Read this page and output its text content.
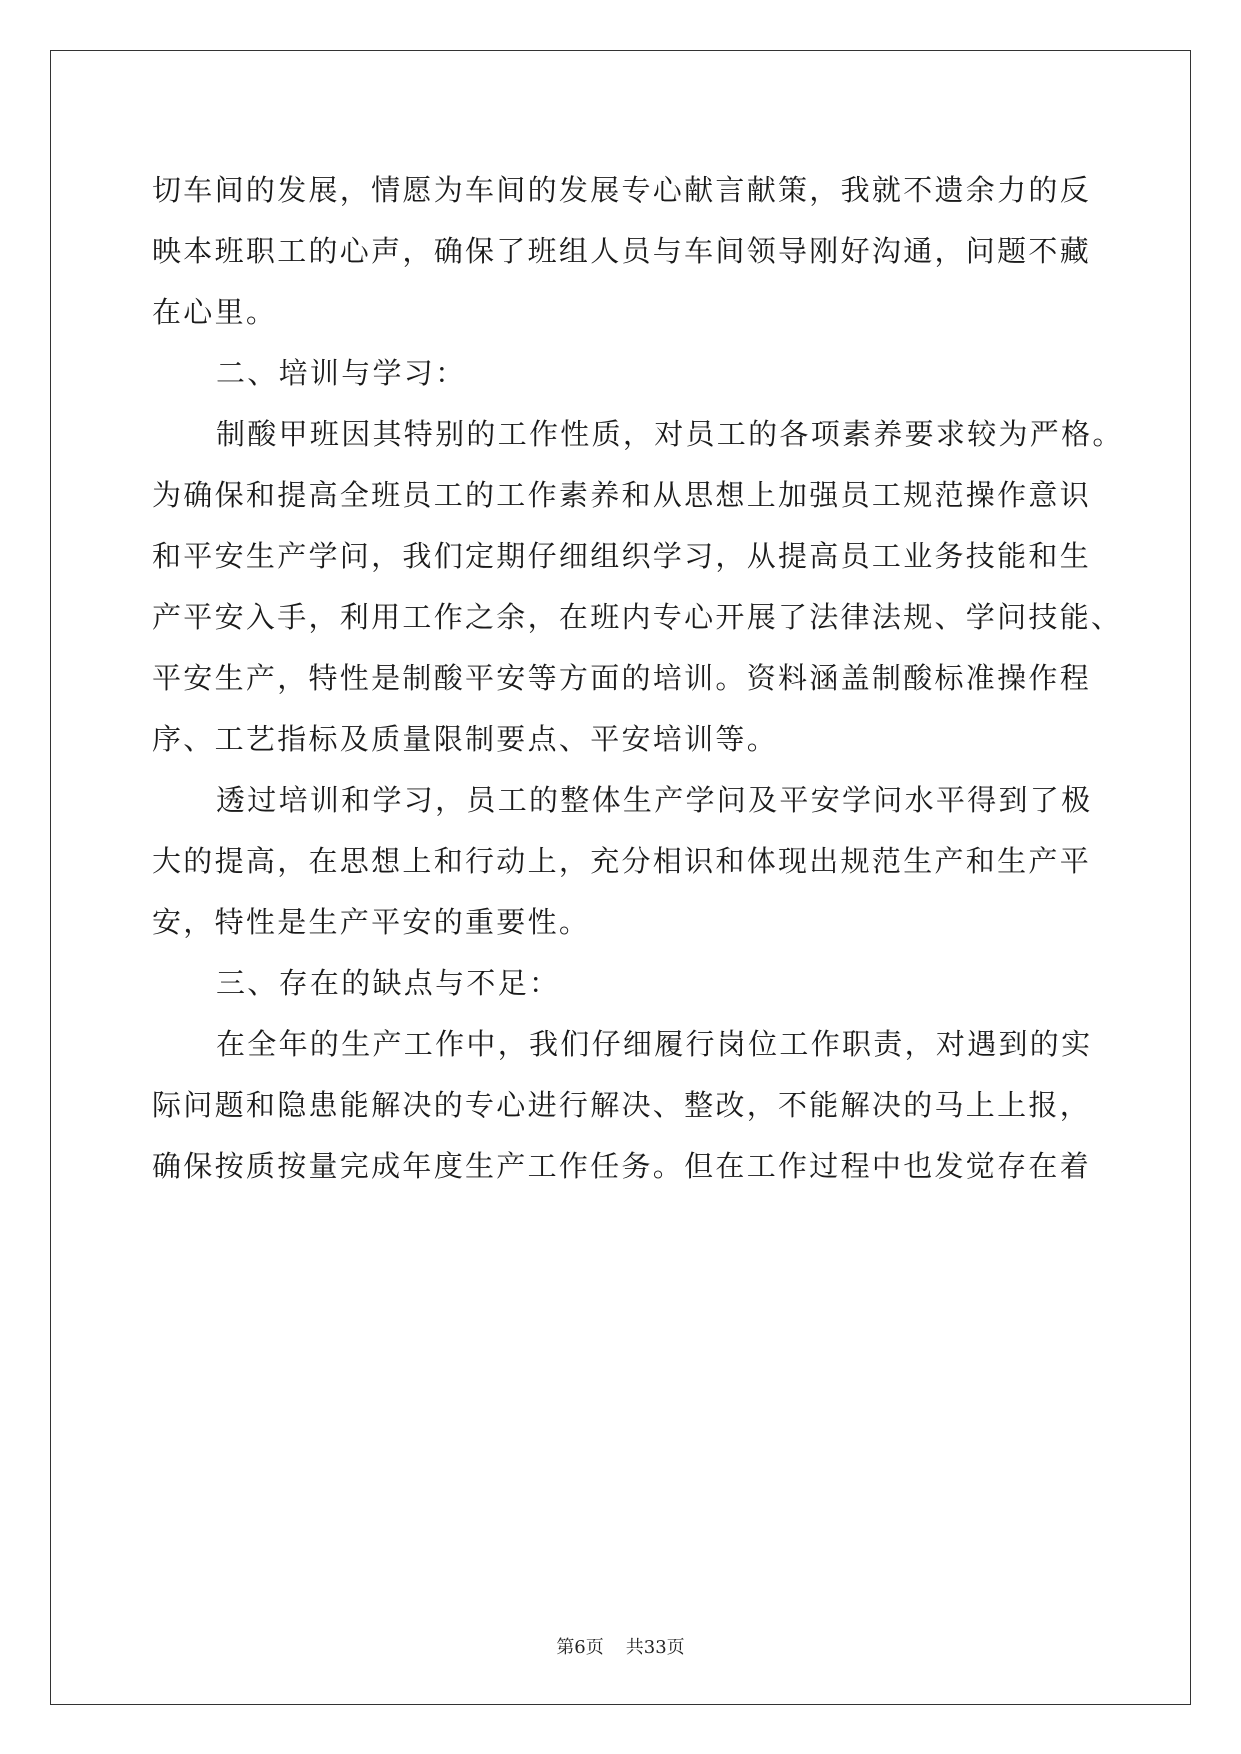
切车间的发展，情愿为车间的发展专心献言献策，我就不遗余力的反
映本班职工的心声，确保了班组人员与车间领导刚好沟通，问题不藏
在心里。
二、培训与学习：
制酸甲班因其特别的工作性质，对员工的各项素养要求较为严格。
为确保和提高全班员工的工作素养和从思想上加强员工规范操作意识
和平安生产学问，我们定期仔细组织学习，从提高员工业务技能和生
产平安入手，利用工作之余，在班内专心开展了法律法规、学问技能、
平安生产，特性是制酸平安等方面的培训。资料涵盖制酸标准操作程
序、工艺指标及质量限制要点、平安培训等。
透过培训和学习，员工的整体生产学问及平安学问水平得到了极
大的提高，在思想上和行动上，充分相识和体现出规范生产和生产平
安，特性是生产平安的重要性。
三、存在的缺点与不足：
在全年的生产工作中，我们仔细履行岗位工作职责，对遇到的实
际问题和隐患能解决的专心进行解决、整改，不能解决的马上上报，
确保按质按量完成年度生产工作任务。但在工作过程中也发觉存在着
第6页 共33页
